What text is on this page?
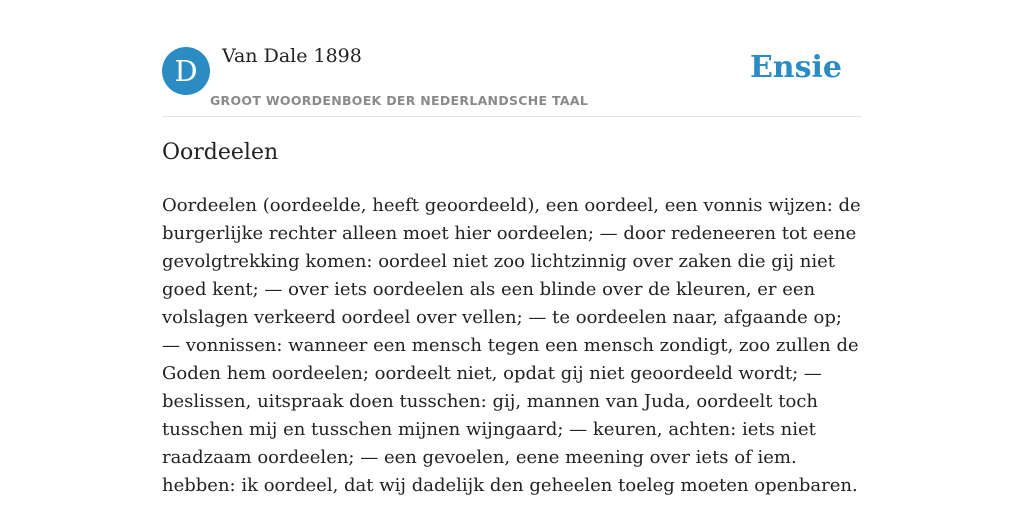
D	Van Dale 1898
GROOT WOORDENBOEK DER NEDERLANDSCHE TAAL
Ensie
Oordeelen

Oordeelen (oordeelde, heeft geoordeeld), een oordeel, een vonnis wijzen: de burgerlijke rechter alleen moet hier oordeelen; — door redeneeren tot eene gevolgtrekking komen: oordeel niet zoo lichtzinnig over zaken die gij niet goed kent; — over iets oordeelen als een blinde over de kleuren, er een volslagen verkeerd oordeel over vellen; — te oordeelen naar, afgaande op; — vonnissen: wanneer een mensch tegen een mensch zondigt, zoo zullen de Goden hem oordeelen; oordeelt niet, opdat gij niet geoordeeld wordt; — beslissen, uitspraak doen tusschen: gij, mannen van Juda, oordeelt toch tusschen mij en tusschen mijnen wijngaard; — keuren, achten: iets niet raadzaam oordeelen; — een gevoelen, eene meening over iets of iem. hebben: ik oordeel, dat wij dadelijk den geheelen toeleg moeten openbaren.
